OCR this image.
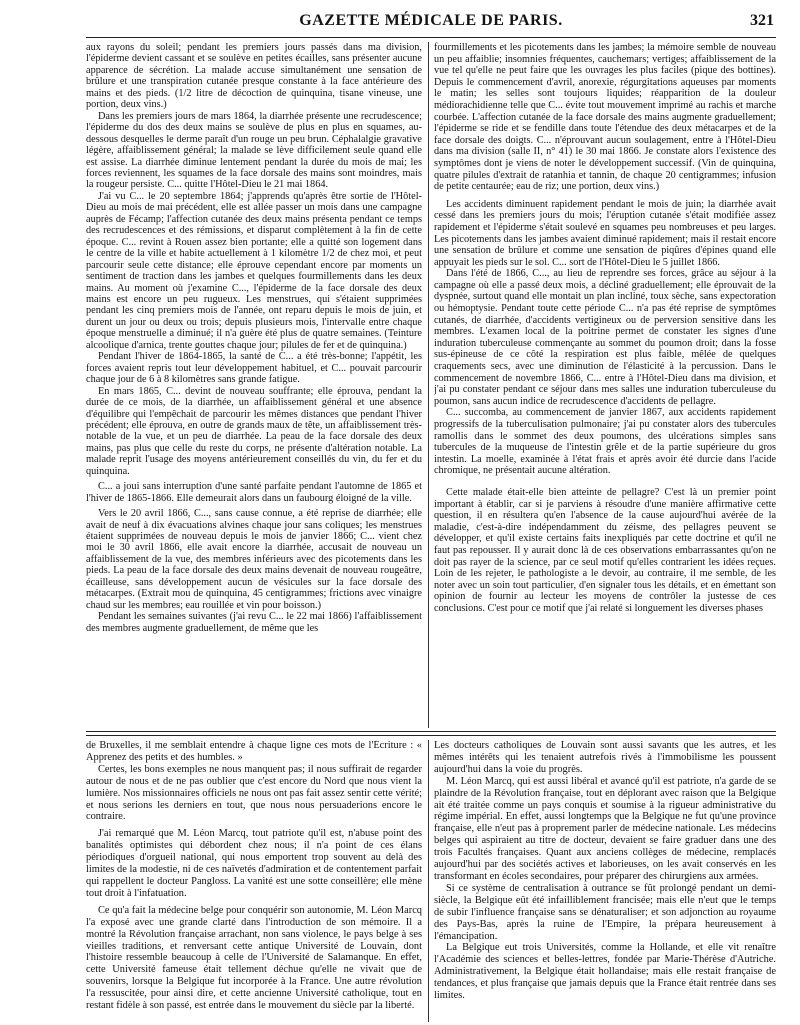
GAZETTE MÉDICALE DE PARIS.	321

aux rayons du soleil; pendant les premiers jours passés dans ma division, l'épiderme devient cassant et se soulève en petites écailles, sans présenter aucune apparence de sécrétion. La malade accuse simultanément une sensation de brûlure et une transpiration cutanée presque constante à la face antérieure des mains et des pieds. (1/2 litre de décoction de quinquina, tisane vineuse, une portion, deux vins.)

Dans les premiers jours de mars 1864, la diarrhée présente une recrudescence; l'épiderme du dos des deux mains se soulève de plus en plus en squames, au-dessous desquelles le derme paraît d'un rouge un peu brun. Céphalalgie gravative légère, affaiblissement général; la malade se lève difficilement seule quand elle est assise. La diarrhée diminue lentement pendant la durée du mois de mai; les forces reviennent, les squames de la face dorsale des mains sont moindres, mais la rougeur persiste. C... quitte l'Hôtel-Dieu le 21 mai 1864.

J'ai vu C... le 20 septembre 1864; j'apprends qu'après être sortie de l'Hôtel-Dieu au mois de mai précédent, elle est allée passer un mois dans une campagne auprès de Fécamp; l'affection cutanée des deux mains présenta pendant ce temps des recrudescences et des rémissions, et disparut complètement à la fin de cette époque. C... revint à Rouen assez bien portante; elle a quitté son logement dans le centre de la ville et habite actuellement à 1 kilomètre 1/2 de chez moi, et peut parcourir seule cette distance; elle éprouve cependant encore par moments un sentiment de traction dans les jambes et quelques fourmillements dans les deux mains. Au moment où j'examine C..., l'épiderme de la face dorsale des deux mains est encore un peu rugueux. Les menstrues, qui s'étaient supprimées pendant les cinq premiers mois de l'année, ont reparu depuis le mois de juin, et durent un jour ou deux ou trois; depuis plusieurs mois, l'intervalle entre chaque époque menstruelle a diminué; il n'a guère été plus de quatre semaines. (Teinture alcoolique d'arnica, trente gouttes chaque jour; pilules de fer et de quinquina.)

Pendant l'hiver de 1864-1865, la santé de C... a été très-bonne; l'appétit, les forces avaient repris tout leur développement habituel, et C... pouvait parcourir chaque jour de 6 à 8 kilomètres sans grande fatigue.

En mars 1865, C... devint de nouveau souffrante; elle éprouva, pendant la durée de ce mois, de la diarrhée, un affaiblissement général et une absence d'équilibre qui l'empêchait de parcourir les mêmes distances que pendant l'hiver précédent; elle éprouva, en outre de grands maux de tête, un affaiblissement très-notable de la vue, et un peu de diarrhée. La peau de la face dorsale des deux mains, pas plus que celle du reste du corps, ne présente d'altération notable. La malade reprit l'usage des moyens antérieurement conseillés du vin, du fer et du quinquina.

C... a joui sans interruption d'une santé parfaite pendant l'automne de 1865 et l'hiver de 1865-1866. Elle demeurait alors dans un faubourg éloigné de la ville.

Vers le 20 avril 1866, C..., sans cause connue, a été reprise de diarrhée; elle avait de neuf à dix évacuations alvines chaque jour sans coliques; les menstrues étaient supprimées de nouveau depuis le mois de janvier 1866; C... vient chez moi le 30 avril 1866, elle avait encore la diarrhée, accusait de nouveau un affaiblissement de la vue, des membres inférieurs avec des picotements dans les pieds. La peau de la face dorsale des deux mains devenait de nouveau rougeâtre, écailleuse, sans développement aucun de vésicules sur la face dorsale des métacarpes. (Extrait mou de quinquina, 45 centigrammes; frictions avec vinaigre chaud sur les membres; eau rouillée et vin pour boisson.)

Pendant les semaines suivantes (j'ai revu C... le 22 mai 1866) l'affaiblissement des membres augmente graduellement, de même que les

fourmillements et les picotements dans les jambes; la mémoire semble de nouveau un peu affaiblie; insomnies fréquentes, cauchemars; vertiges; affaiblissement de la vue tel qu'elle ne peut faire que les ouvrages les plus faciles (pique des bottines). Depuis le commencement d'avril, anorexie, régurgitations aqueuses par moments le matin; les selles sont toujours liquides; réapparition de la douleur médiorachidienne telle que C... évite tout mouvement imprimé au rachis et marche courbée. L'affection cutanée de la face dorsale des mains augmente graduellement; l'épiderme se ride et se fendille dans toute l'étendue des deux métacarpes et de la face dorsale des doigts. C... n'éprouvant aucun soulagement, entre à l'Hôtel-Dieu dans ma division (salle II, n° 41) le 30 mai 1866. Je constate alors l'existence des symptômes dont je viens de noter le développement successif. (Vin de quinquina, quatre pilules d'extrait de ratanhia et tannin, de chaque 20 centigrammes; infusion de petite centaurée; eau de riz; une portion, deux vins.)

Les accidents diminuent rapidement pendant le mois de juin; la diarrhée avait cessé dans les premiers jours du mois; l'éruption cutanée s'était modifiée assez rapidement et l'épiderme s'était soulevé en squames peu nombreuses et peu larges. Les picotements dans les jambes avaient diminué rapidement; mais il restait encore une sensation de brûlure et comme une sensation de piqûres d'épines quand elle appuyait les pieds sur le sol. C... sort de l'Hôtel-Dieu le 5 juillet 1866.

Dans l'été de 1866, C..., au lieu de reprendre ses forces, grâce au séjour à la campagne où elle a passé deux mois, a décliné graduellement; elle éprouvait de la dyspnée, surtout quand elle montait un plan incliné, toux sèche, sans expectoration ou hémoptysie. Pendant toute cette période C... n'a pas été reprise de symptômes cutanés, de diarrhée, d'accidents vertigineux ou de perversion sensitive dans les membres. L'examen local de la poitrine permet de constater les signes d'une induration tuberculeuse commençante au sommet du poumon droit; dans la fosse sus-épineuse de ce côté la respiration est plus faible, mêlée de quelques craquements secs, avec une diminution de l'élasticité à la percussion. Dans le commencement de novembre 1866, C... entre à l'Hôtel-Dieu dans ma division, et j'ai pu constater pendant ce séjour dans mes salles une induration tuberculeuse du poumon, sans aucun indice de recrudescence d'accidents de pellagre.

C... succomba, au commencement de janvier 1867, aux accidents rapidement progressifs de la tuberculisation pulmonaire; j'ai pu constater alors des tubercules ramollis dans le sommet des deux poumons, des ulcérations simples sans tubercules de la muqueuse de l'intestin grêle et de la partie supérieure du gros intestin. La moelle, examinée à l'état frais et après avoir été durcie dans l'acide chromique, ne présentait aucune altération.

Cette malade était-elle bien atteinte de pellagre? C'est là un premier point important à établir, car si je parviens à résoudre d'une manière affirmative cette question, il en résultera qu'en l'absence de la cause aujourd'hui avérée de la maladie, c'est-à-dire indépendamment du zéisme, des pellagres peuvent se développer, et qu'il existe certains faits inexpliqués par cette doctrine et qu'il ne faut pas repousser. Il y aurait donc là de ces observations embarrassantes qu'on ne doit pas rayer de la science, par ce seul motif qu'elles contrarient les idées reçues. Loin de les rejeter, le pathologiste a le devoir, au contraire, il me semble, de les noter avec un soin tout particulier, d'en signaler tous les détails, et en émettant son opinion de fournir au lecteur les moyens de contrôler la justesse de ces conclusions. C'est pour ce motif que j'ai relaté si longuement les diverses phases

de Bruxelles, il me semblait entendre à chaque ligne ces mots de l'Écriture : « Apprenez des petits et des humbles. »

Certes, les bons exemples ne nous manquent pas; il nous suffirait de regarder autour de nous et de ne pas oublier que c'est encore du Nord que nous vient la lumière. Nos missionnaires officiels ne nous ont pas fait assez sentir cette vérité; et nous serions les derniers en tout, que nous nous persuaderions encore le contraire.

J'ai remarqué que M. Léon Marcq, tout patriote qu'il est, n'abuse point des banalités optimistes qui débordent chez nous; il n'a point de ces élans périodiques d'orgueil national, qui nous emportent trop souvent au delà des limites de la modestie, ni de ces naïvetés d'admiration et de contentement parfait qui rappellent le docteur Pangloss. La vanité est une sotte conseillère; elle mène tout droit à l'infatuation.

Ce qu'a fait la médecine belge pour conquérir son autonomie, M. Léon Marcq l'a exposé avec une grande clarté dans l'introduction de son mémoire. Il a montré la Révolution française arrachant, non sans violence, le pays belge à ses vieilles traditions, et renversant cette antique Université de Louvain, dont l'histoire ressemble beaucoup à celle de l'Université de Salamanque. En effet, cette Université fameuse était tellement déchue qu'elle ne vivait que de souvenirs, lorsque la Belgique fut incorporée à la France. Une autre révolution l'a ressuscitée, pour ainsi dire, et cette ancienne Université catholique, tout en restant fidèle à son passé, est entrée dans le mouvement du siècle par la liberté.

Les docteurs catholiques de Louvain sont aussi savants que les autres, et les mêmes intérêts qui les tenaient autrefois rivés à l'immobilisme les poussent aujourd'hui dans la voie du progrès.

M. Léon Marcq, qui est aussi libéral et avancé qu'il est patriote, n'a garde de se plaindre de la Révolution française, tout en déplorant avec raison que la Belgique ait été traitée comme un pays conquis et soumise à la rigueur administrative du régime impérial. En effet, aussi longtemps que la Belgique ne fut qu'une province française, elle n'eut pas à proprement parler de médecine nationale. Les médecins belges qui aspiraient au titre de docteur, devaient se faire graduer dans une des trois Facultés françaises. Quant aux anciens collèges de médecine, remplacés aujourd'hui par des sociétés actives et laborieuses, on les avait conservés en les transformant en écoles secondaires, pour préparer des chirurgiens aux armées.

Si ce système de centralisation à outrance se fût prolongé pendant un demi-siècle, la Belgique eût été infailliblement francisée; mais elle n'eut que le temps de subir l'influence française sans se dénaturaliser; et son adjonction au royaume des Pays-Bas, après la ruine de l'Empire, la prépara heureusement à l'émancipation.

La Belgique eut trois Universités, comme la Hollande, et elle vit renaître l'Académie des sciences et belles-lettres, fondée par Marie-Thérèse d'Autriche. Administrativement, la Belgique était hollandaise; mais elle restait française de tendances, et plus française que jamais depuis que la France était rentrée dans ses limites.
